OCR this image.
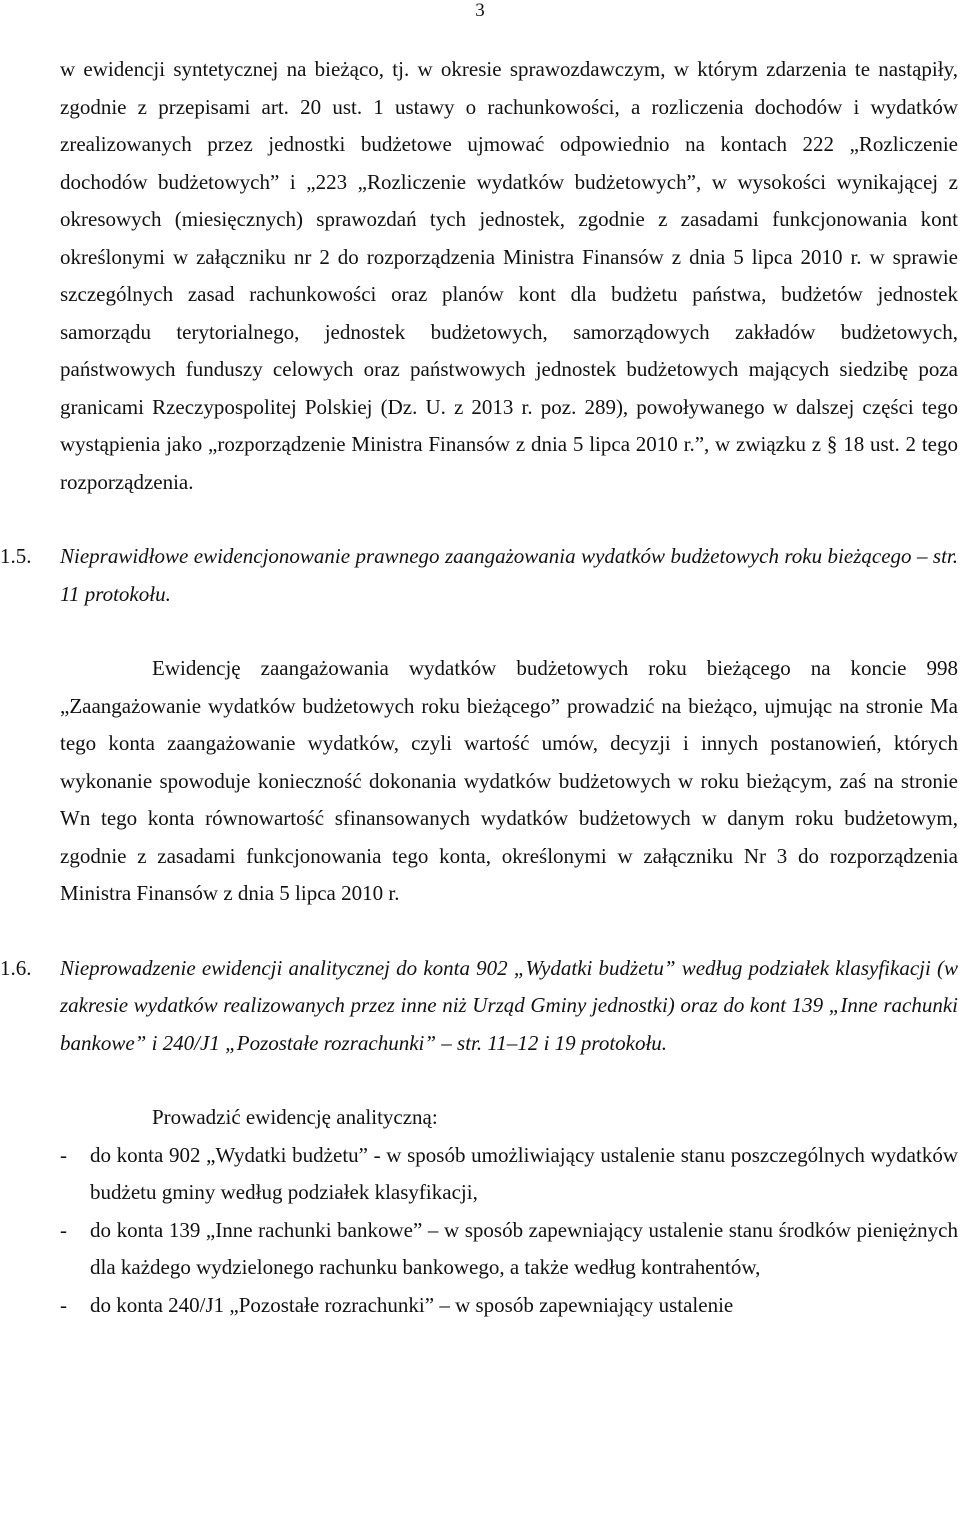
3

w ewidencji syntetycznej na bieżąco, tj. w okresie sprawozdawczym, w którym zdarzenia te nastąpiły, zgodnie z przepisami art. 20 ust. 1 ustawy o rachunkowości, a rozliczenia dochodów i wydatków zrealizowanych przez jednostki budżetowe ujmować odpowiednio na kontach 222 „Rozliczenie dochodów budżetowych” i „223 „Rozliczenie wydatków budżetowych”, w wysokości wynikającej z okresowych (miesięcznych) sprawozdań tych jednostek, zgodnie z zasadami funkcjonowania kont określonymi w załączniku nr 2 do rozporządzenia Ministra Finansów z dnia 5 lipca 2010 r. w sprawie szczególnych zasad rachunkowości oraz planów kont dla budżetu państwa, budżetów jednostek samorządu terytorialnego, jednostek budżetowych, samorządowych zakładów budżetowych, państwowych funduszy celowych oraz państwowych jednostek budżetowych mających siedzibę poza granicami Rzeczypospolitej Polskiej (Dz. U. z 2013 r. poz. 289), powoływanego w dalszej części tego wystąpienia jako „rozporządzenie Ministra Finansów z dnia 5 lipca 2010 r.”, w związku z § 18 ust. 2 tego rozporządzenia.

1.5.	Nieprawidłowe ewidencjonowanie prawnego zaangażowania wydatków budżetowych roku bieżącego – str. 11 protokołu.

Ewidencję zaangażowania wydatków budżetowych roku bieżącego na koncie 998 „Zaangażowanie wydatków budżetowych roku bieżącego” prowadzić na bieżąco, ujmując na stronie Ma tego konta zaangażowanie wydatków, czyli wartość umów, decyzji i innych postanowień, których wykonanie spowoduje konieczność dokonania wydatków budżetowych w roku bieżącym, zaś na stronie Wn tego konta równowartość sfinansowanych wydatków budżetowych w danym roku budżetowym, zgodnie z zasadami funkcjonowania tego konta, określonymi w załączniku Nr 3 do rozporządzenia Ministra Finansów z dnia 5 lipca 2010 r.

1.6.	Nieprowadzenie ewidencji analitycznej do konta 902 „Wydatki budżetu” według podziałek klasyfikacji (w zakresie wydatków realizowanych przez inne niż Urząd Gminy jednostki) oraz do kont 139 „Inne rachunki bankowe” i 240/J1 „Pozostałe rozrachunki” – str. 11–12 i 19 protokołu.

Prowadzić ewidencję analityczną:

-	do konta 902 „Wydatki budżetu” - w sposób umożliwiający ustalenie stanu poszczególnych wydatków budżetu gminy według podziałek klasyfikacji,
-	do konta 139 „Inne rachunki bankowe” – w sposób zapewniający ustalenie stanu środków pieniężnych dla każdego wydzielonego rachunku bankowego, a także według kontrahentów,
-	do konta 240/J1 „Pozostałe rozrachunki” – w sposób zapewniający ustalenie
